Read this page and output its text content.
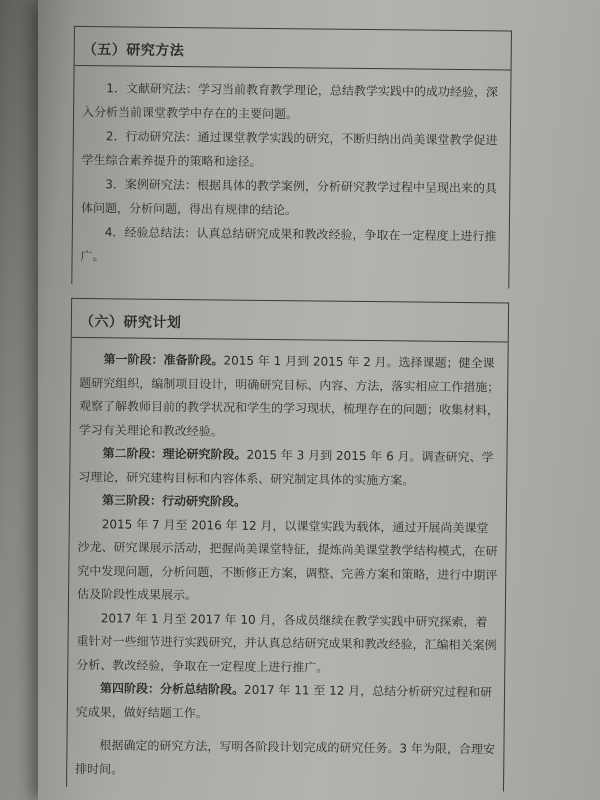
（五）研究方法

1．文献研究法：学习当前教育教学理论，总结教学实践中的成功经验，深入分析当前课堂教学中存在的主要问题。

2．行动研究法：通过课堂教学实践的研究，不断归纳出尚美课堂教学促进学生综合素养提升的策略和途径。

3．案例研究法：根据具体的教学案例，分析研究教学过程中呈现出来的具体问题，分析问题，得出有规律的结论。

4．经验总结法：认真总结研究成果和教改经验，争取在一定程度上进行推广。

（六）研究计划

第一阶段：准备阶段。2015 年 1 月到 2015 年 2 月。选择课题；健全课题研究组织，编制项目设计，明确研究目标、内容、方法，落实相应工作措施；观察了解教师目前的教学状况和学生的学习现状，梳理存在的问题；收集材料，学习有关理论和教改经验。

第二阶段：理论研究阶段。2015 年 3 月到 2015 年 6 月。调查研究、学习理论，研究建构目标和内容体系、研究制定具体的实施方案。

第三阶段：行动研究阶段。

2015 年 7 月至 2016 年 12 月，以课堂实践为载体，通过开展尚美课堂沙龙、研究课展示活动，把握尚美课堂特征，提炼尚美课堂教学结构模式，在研究中发现问题，分析问题，不断修正方案，调整、完善方案和策略，进行中期评估及阶段性成果展示。

2017 年 1 月至 2017 年 10 月，各成员继续在教学实践中研究探索，着重针对一些细节进行实践研究，并认真总结研究成果和教改经验，汇编相关案例分析、教改经验，争取在一定程度上进行推广。

第四阶段：分析总结阶段。2017 年 11 至 12 月，总结分析研究过程和研究成果，做好结题工作。

根据确定的研究方法，写明各阶段计划完成的研究任务。3 年为限，合理安排时间。
